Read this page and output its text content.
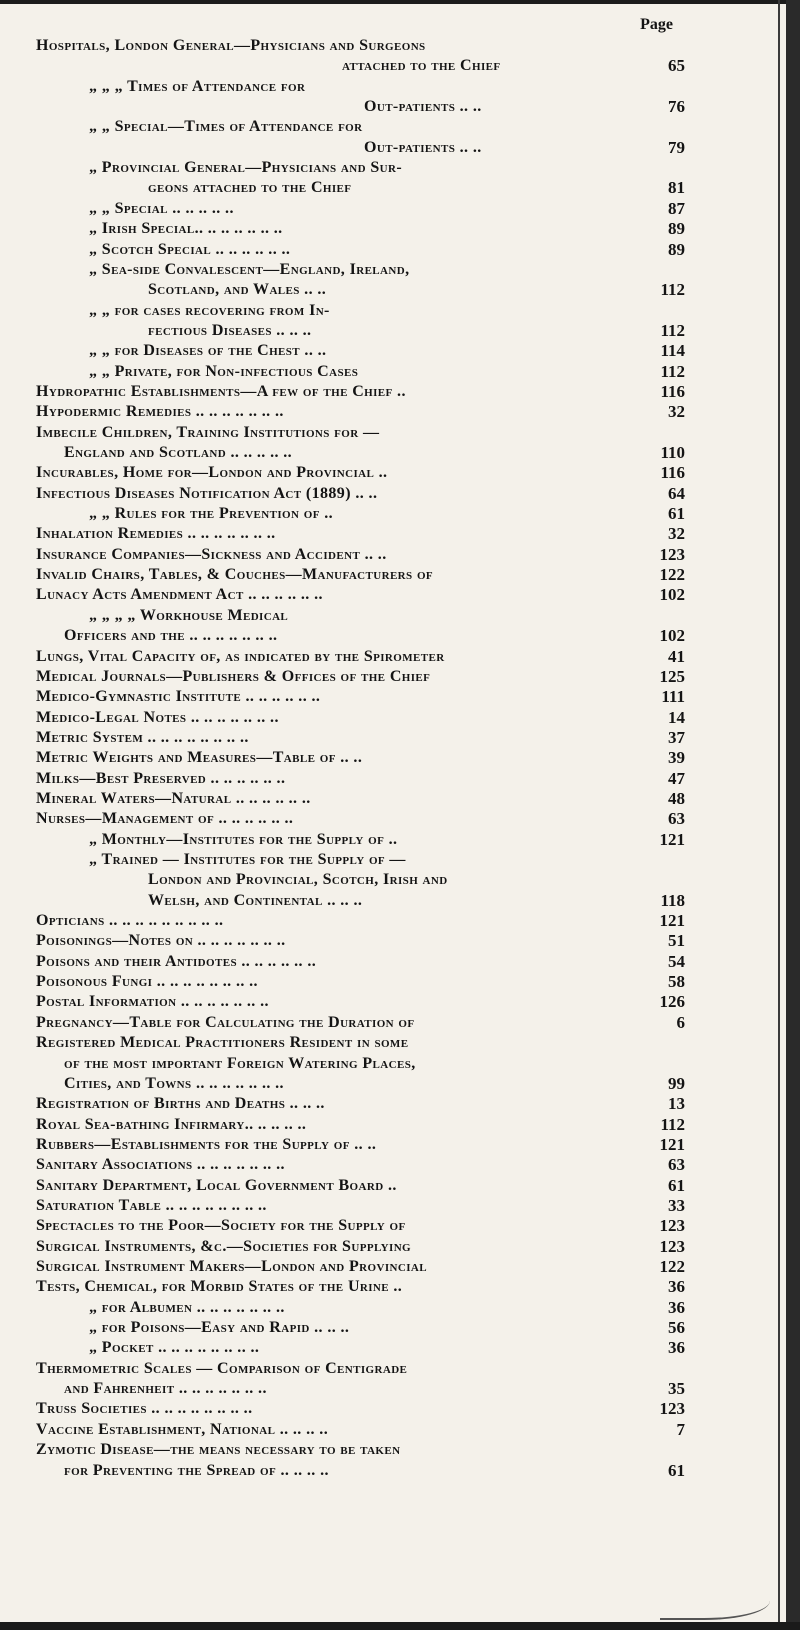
Page
Hospitals, London General—Physicians and Surgeons
attached to the Chief	65
„ „ „ Times of Attendance for
Out-patients .. ..	76
„ „ Special—Times of Attendance for
Out-patients .. ..	79
„ Provincial General—Physicians and Sur-
geons attached to the Chief	81
„ „ Special .. .. .. .. ..	87
„ Irish Special.. .. .. .. .. .. ..	89
„ Scotch Special .. .. .. .. .. ..	89
„ Sea-side Convalescent—England, Ireland,
Scotland, and Wales .. ..	112
„ „ for cases recovering from In-
fectious Diseases .. .. ..	112
„ „ for Diseases of the Chest .. ..	114
„ „ Private, for Non-infectious Cases	112
Hydropathic Establishments—A few of the Chief ..	116
Hypodermic Remedies .. .. .. .. .. .. ..	32
Imbecile Children, Training Institutions for —
England and Scotland .. .. .. .. ..	110
Incurables, Home for—London and Provincial ..	116
Infectious Diseases Notification Act (1889) .. ..	64
„ „ Rules for the Prevention of ..	61
Inhalation Remedies .. .. .. .. .. .. ..	32
Insurance Companies—Sickness and Accident .. ..	123
Invalid Chairs, Tables, & Couches—Manufacturers of	122
Lunacy Acts Amendment Act .. .. .. .. .. ..	102
„ „ „ „ Workhouse Medical
Officers and the .. .. .. .. .. .. ..	102
Lungs, Vital Capacity of, as indicated by the Spirometer	41
Medical Journals—Publishers & Offices of the Chief	125
Medico-Gymnastic Institute .. .. .. .. .. ..	111
Medico-Legal Notes .. .. .. .. .. .. ..	14
Metric System .. .. .. .. .. .. .. ..	37
Metric Weights and Measures—Table of .. ..	39
Milks—Best Preserved .. .. .. .. .. ..	47
Mineral Waters—Natural .. .. .. .. .. ..	48
Nurses—Management of .. .. .. .. .. ..	63
„ Monthly—Institutes for the Supply of ..	121
„ Trained — Institutes for the Supply of —
London and Provincial, Scotch, Irish and
Welsh, and Continental .. .. ..	118
Opticians .. .. .. .. .. .. .. .. ..	121
Poisonings—Notes on .. .. .. .. .. .. ..	51
Poisons and their Antidotes .. .. .. .. .. ..	54
Poisonous Fungi .. .. .. .. .. .. .. ..	58
Postal Information .. .. .. .. .. .. ..	126
Pregnancy—Table for Calculating the Duration of	6
Registered Medical Practitioners Resident in some
of the most important Foreign Watering Places,
Cities, and Towns .. .. .. .. .. .. ..	99
Registration of Births and Deaths .. .. ..	13
Royal Sea-bathing Infirmary.. .. .. .. ..	112
Rubbers—Establishments for the Supply of .. ..	121
Sanitary Associations .. .. .. .. .. .. ..	63
Sanitary Department, Local Government Board ..	61
Saturation Table .. .. .. .. .. .. .. ..	33
Spectacles to the Poor—Society for the Supply of	123
Surgical Instruments, &c.—Societies for Supplying	123
Surgical Instrument Makers—London and Provincial	122
Tests, Chemical, for Morbid States of the Urine ..	36
„ for Albumen .. .. .. .. .. .. ..	36
„ for Poisons—Easy and Rapid .. .. ..	56
„ Pocket .. .. .. .. .. .. .. ..	36
Thermometric Scales — Comparison of Centigrade
and Fahrenheit .. .. .. .. .. .. ..	35
Truss Societies .. .. .. .. .. .. .. ..	123
Vaccine Establishment, National .. .. .. ..	7
Zymotic Disease—the means necessary to be taken
for Preventing the Spread of .. .. .. ..	61
